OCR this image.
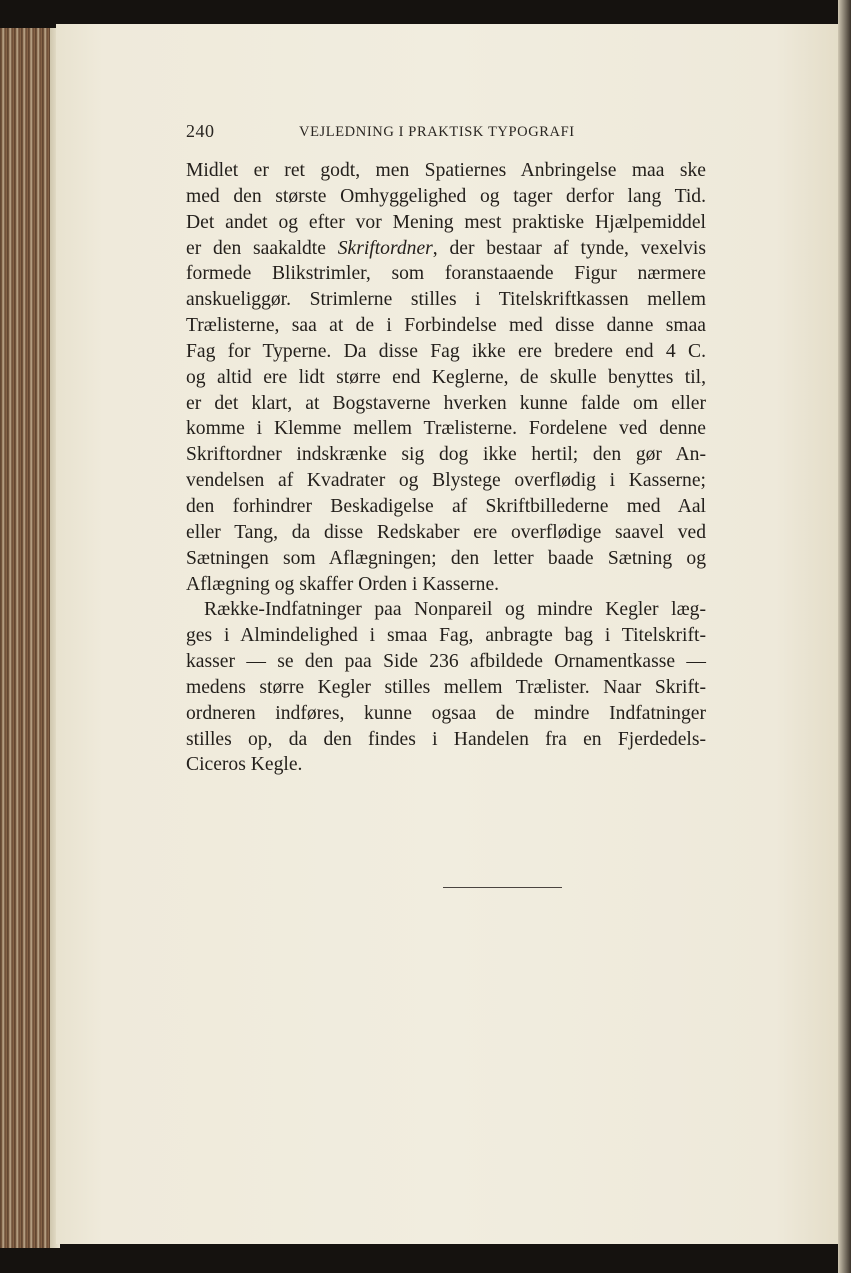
240	VEJLEDNING I PRAKTISK TYPOGRAFI
Midlet er ret godt, men Spatiernes Anbringelse maa ske
med den største Omhyggelighed og tager derfor lang Tid.
Det andet og efter vor Mening mest praktiske Hjælpemiddel
er den saakaldte Skriftordner, der bestaar af tynde, vexelvis
formede Blikstrimler, som foranstaaende Figur nærmere
anskueliggør. Strimlerne stilles i Titelskriftkassen mellem
Trælisterne, saa at de i Forbindelse med disse danne smaa
Fag for Typerne. Da disse Fag ikke ere bredere end 4 C.
og altid ere lidt større end Keglerne, de skulle benyttes til,
er det klart, at Bogstaverne hverken kunne falde om eller
komme i Klemme mellem Trælisterne. Fordelene ved denne
Skriftordner indskrænke sig dog ikke hertil; den gør An-
vendelsen af Kvadrater og Blystege overflødig i Kasserne;
den forhindrer Beskadigelse af Skriftbillederne med Aal
eller Tang, da disse Redskaber ere overflødige saavel ved
Sætningen som Aflægningen; den letter baade Sætning og
Aflægning og skaffer Orden i Kasserne.
Række-Indfatninger paa Nonpareil og mindre Kegler læg-
ges i Almindelighed i smaa Fag, anbragte bag i Titelskrift-
kasser — se den paa Side 236 afbildede Ornamentkasse —
medens større Kegler stilles mellem Trælister. Naar Skrift-
ordneren indføres, kunne ogsaa de mindre Indfatninger
stilles op, da den findes i Handelen fra en Fjerdedels-
Ciceros Kegle.
